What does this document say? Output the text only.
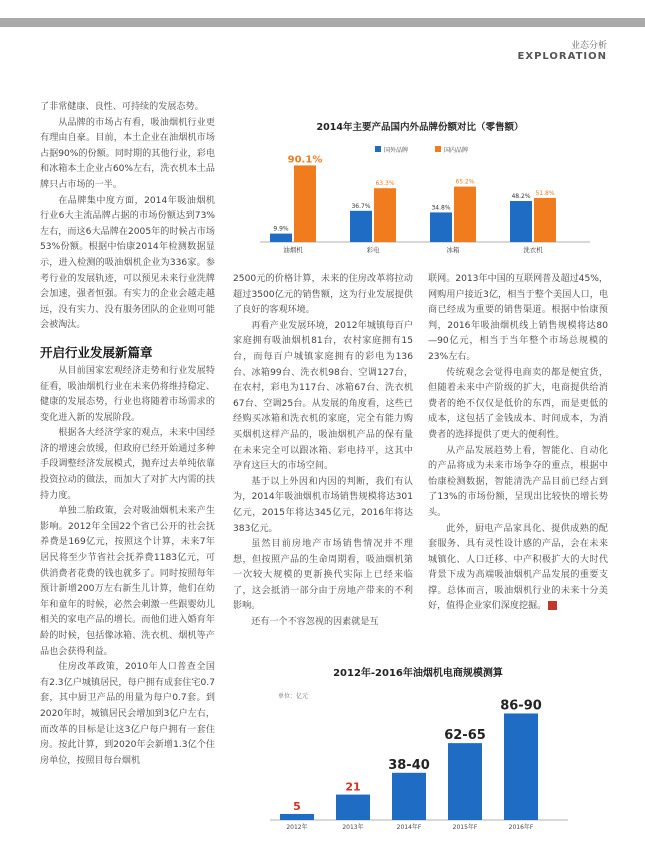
业态分析
EXPLORATION

了非常健康、良性、可持续的发展态势。

从品牌的市场占有看，吸油烟机行业更有理由自豪。目前，本土企业在油烟机市场占据90%的份额。同时期的其他行业，彩电和冰箱本土企业占60%左右，洗衣机本土品牌只占市场的一半。

在品牌集中度方面，2014年吸油烟机行业6大主流品牌占据的市场份额达到73%左右，而这6大品牌在2005年的时候占市场53%份额。根据中怡康2014年检测数据显示，进入检测的吸油烟机企业为336家。参考行业的发展轨迹，可以预见未来行业洗牌会加速，强者恒强。有实力的企业会越走越远，没有实力、没有服务团队的企业则可能会被淘汰。

开启行业发展新篇章

从目前国家宏观经济走势和行业发展特征看，吸油烟机行业在未来仍将维持稳定、健康的发展态势，行业也将随着市场需求的变化进入新的发展阶段。

根据各大经济学家的观点，未来中国经济的增速会放缓，但政府已经开始通过多种手段调整经济发展模式，抛弃过去单纯依靠投资拉动的做法，而加大了对扩大内需的扶持力度。

单独二胎政策，会对吸油烟机未来产生影响。2012年全国22个省已公开的社会抚养费是169亿元，按照这个计算，未来7年居民将至少节省社会抚养费1183亿元，可供消费者花费的钱也就多了。同时按照每年预计新增200万左右新生儿计算，他们在幼年和童年的时候，必然会刺激一些跟婴幼儿相关的家电产品的增长。而他们进入婚育年龄的时候，包括像冰箱、洗衣机、烟机等产品也会获得利益。

住房改革政策，2010年人口普查全国有2.3亿户城镇居民，每户拥有成套住宅0.7套，其中厨卫产品的用量为每户0.7套。到2020年时，城镇居民会增加到3亿户左右，而改革的目标是让这3亿户每户拥有一套住房。按此计算，到2020年会新增1.3亿个住房单位，按照目每台烟机

2014年主要产品国内外品牌份额对比（零售额）
国外品牌	国内品牌
9.9%
90.1%
油烟机
36.7%
63.3%
彩电
34.8%
65.2%
冰箱
48.2% 51.8%
洗衣机

2500元的价格计算，未来的住房改革将拉动超过3500亿元的销售额，这为行业发展提供了良好的客观环境。

再看产业发展环境，2012年城镇每百户家庭拥有吸油烟机81台，农村家庭拥有15台，而每百户城镇家庭拥有的彩电为136台、冰箱99台、洗衣机98台、空调127台，在农村，彩电为117台、冰箱67台、洗衣机67台、空调25台。从发展的角度看，这些已经购买冰箱和洗衣机的家庭，完全有能力购买烟机这样产品的，吸油烟机产品的保有量在未来完全可以跟冰箱、彩电持平，这其中孕育这巨大的市场空间。

基于以上外因和内因的判断，我们有认为，2014年吸油烟机市场销售规模将达301亿元，2015年将达345亿元，2016年将达383亿元。

虽然目前房地产市场销售情况并不理想，但按照产品的生命周期看，吸油烟机第一次较大规模的更新换代实际上已经来临了，这会抵消一部分由于房地产带来的不利影响。

还有一个不容忽视的因素就是互

联网。2013年中国的互联网普及超过45%，网购用户接近3亿，相当于整个美国人口，电商已经成为重要的销售渠道。根据中怡康预判，2016年吸油烟机线上销售规模将达80—90亿元，相当于当年整个市场总规模的23%左右。

传统观念会觉得电商卖的都是便宜货，但随着未来中产阶级的扩大，电商提供给消费者的绝不仅仅是低价的东西，而是更低的成本，这包括了金钱成本、时间成本，为消费者的选择提供了更大的便利性。

从产品发展趋势上看，智能化、自动化的产品将成为未来市场争夺的重点，根据中怡康检测数据，智能清洗产品目前已经占到了13%的市场份额，呈现出比较快的增长势头。

此外，厨电产品家具化、提供成熟的配套服务、具有灵性设计感的产品，会在未来城镇化、人口迁移、中产积极扩大的大时代背景下成为高端吸油烟机产品发展的重要支撑。总体而言，吸油烟机行业的未来十分美好，值得企业家们深度挖掘。	回

2012年-2016年油烟机电商规模测算
单位：亿元
5
2012年
21
2013年
38-40
2014年F
62-65
2015年F
86-90
2016年F
